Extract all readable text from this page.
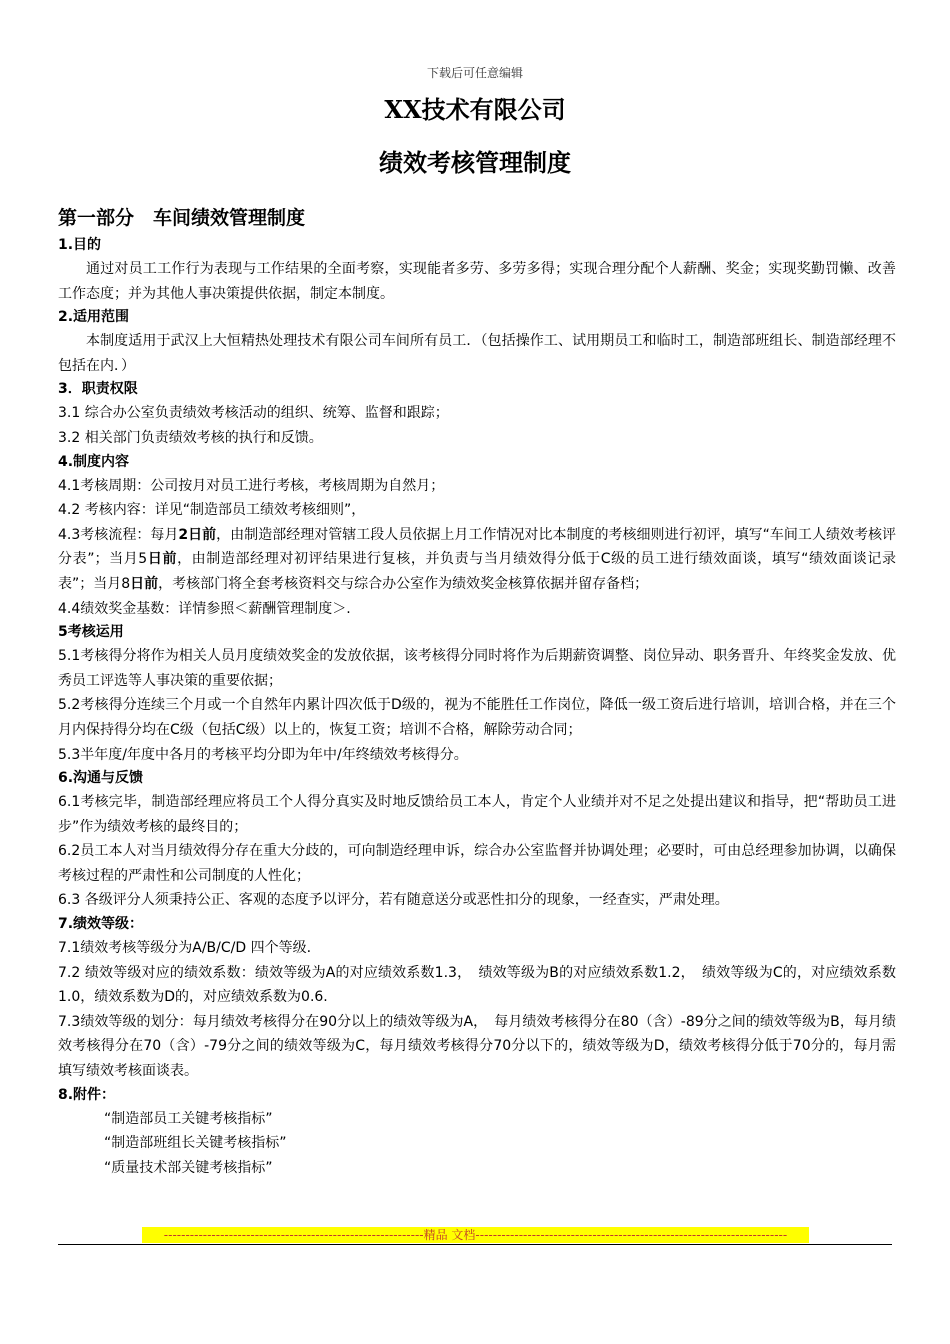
下载后可任意编辑
XX技术有限公司
绩效考核管理制度
第一部分　车间绩效管理制度
1.目的
通过对员工工作行为表现与工作结果的全面考察，实现能者多劳、多劳多得；实现合理分配个人薪酬、奖金；实现奖勤罚懒、改善工作态度；并为其他人事决策提供依据，制定本制度。
2.适用范围
本制度适用于武汉上大恒精热处理技术有限公司车间所有员工．（包括操作工、试用期员工和临时工，制造部班组长、制造部经理不包括在内．）
3．职责权限
3.1 综合办公室负责绩效考核活动的组织、统筹、监督和跟踪；
3.2 相关部门负责绩效考核的执行和反馈。
4.制度内容
4.1考核周期：公司按月对员工进行考核，考核周期为自然月；
4.2 考核内容：详见“制造部员工绩效考核细则”，
4.3考核流程：每月2日前，由制造部经理对管辖工段人员依据上月工作情况对比本制度的考核细则进行初评，填写“车间工人绩效考核评分表”；当月5日前，由制造部经理对初评结果进行复核，并负责与当月绩效得分低于C级的员工进行绩效面谈，填写“绩效面谈记录表”；当月8日前，考核部门将全套考核资料交与综合办公室作为绩效奖金核算依据并留存备档；
4.4绩效奖金基数：详情参照＜薪酬管理制度＞.
5考核运用
5.1考核得分将作为相关人员月度绩效奖金的发放依据，该考核得分同时将作为后期薪资调整、岗位异动、职务晋升、年终奖金发放、优秀员工评选等人事决策的重要依据；
5.2考核得分连续三个月或一个自然年内累计四次低于D级的，视为不能胜任工作岗位，降低一级工资后进行培训，培训合格，并在三个月内保持得分均在C级（包括C级）以上的，恢复工资；培训不合格，解除劳动合同；
5.3半年度/年度中各月的考核平均分即为年中/年终绩效考核得分。
6.沟通与反馈
6.1考核完毕，制造部经理应将员工个人得分真实及时地反馈给员工本人，肯定个人业绩并对不足之处提出建议和指导，把“帮助员工进步”作为绩效考核的最终目的；
6.2员工本人对当月绩效得分存在重大分歧的，可向制造经理申诉，综合办公室监督并协调处理；必要时，可由总经理参加协调，以确保考核过程的严肃性和公司制度的人性化；
6.3 各级评分人须秉持公正、客观的态度予以评分，若有随意送分或恶性扣分的现象，一经查实，严肃处理。
7.绩效等级：
7.1绩效考核等级分为A/B/C/D 四个等级.
7.2 绩效等级对应的绩效系数：绩效等级为A的对应绩效系数1.3，　绩效等级为B的对应绩效系数1.2，　绩效等级为C的，对应绩效系数1.0，绩效系数为D的，对应绩效系数为0.6.
7.3绩效等级的划分：每月绩效考核得分在90分以上的绩效等级为A，　每月绩效考核得分在80（含）-89分之间的绩效等级为B，每月绩效考核得分在70（含）-79分之间的绩效等级为C，每月绩效考核得分70分以下的，绩效等级为D，绩效考核得分低于70分的，每月需填写绩效考核面谈表。
8.附件：
“制造部员工关键考核指标”
“制造部班组长关键考核指标”
“质量技术部关键考核指标”
------------------------------------------------------------精品 文档------------------------------------------------------------------------
